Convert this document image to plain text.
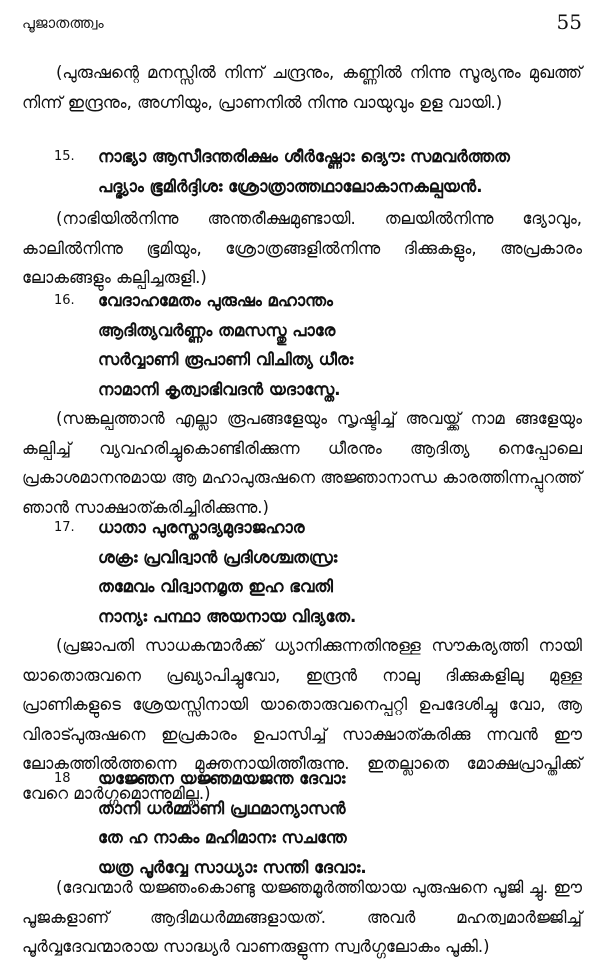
പൂജാതത്ത്വം	55

(പുരുഷന്റെ മനസ്സിൽ നിന്ന് ചന്ദ്രനും, കണ്ണിൽ നിന്നു സൂര്യനും മുഖത്ത് നിന്ന് ഇന്ദ്രനും, അഗ്നിയും, പ്രാണനിൽ നിന്നു വായുവും ഉള വായി.)

15. നാഭ്യാ ആസീദന്തരിക്ഷം ശീർഷ്ണോഃ ദ്യൌഃ സമവർത്തത
പദ്ഭ്യാം ഭൂമിർദ്ദിശഃ ശ്രോത്രാത്തഥാലോകാനകല്പയൻ.

(നാഭിയിൽനിന്നു അന്തരീക്ഷമുണ്ടായി. തലയിൽനിന്നു ദ്യോവും, കാലിൽനിന്നു ഭൂമിയും, ശ്രോത്രങ്ങളിൽനിന്നു ദിക്കുകളും, അപ്രകാരം ലോകങ്ങളും കല്പിച്ചരുളി.)

16. വേദാഹമേതം പുരുഷം മഹാന്തം
ആദിത്യവർണ്ണം തമസസ്തു പാരേ
സർവ്വാണി രൂപാണി വിചിത്യ ധീരഃ
നാമാനി കൃത്വാഭിവദൻ യദാസ്തേ.

(സങ്കല്പത്താൻ എല്ലാ രൂപങ്ങളേയും സൃഷ്ടിച്ച് അവയ്ക്ക് നാമ ങ്ങളേയും കല്പിച്ച് വ്യവഹരിച്ചുകൊണ്ടിരിക്കുന്ന ധീരനും ആദിത്യ നെപ്പോലെ പ്രകാശമാനനുമായ ആ മഹാപുരുഷനെ അജ്ഞാനാന്ധ കാരത്തിന്നപ്പുറത്ത് ഞാൻ സാക്ഷാത്കരിച്ചിരിക്കുന്നു.)

17. ധാതാ പുരസ്താദ്യമുദാജഹാര
ശക്രഃ പ്രവിദ്വാൻ പ്രദിശശ്ചതസ്രഃ
തമേവം വിദ്വാനമൃത ഇഹ ഭവതി
നാന്യഃ പന്ഥാ അയനായ വിദ്യതേ.

(പ്രജാപതി സാധകന്മാർക്ക് ധ്യാനിക്കുന്നതിനുള്ള സൗകര്യത്തി നായി യാതൊരുവനെ പ്രഖ്യാപിച്ചുവോ, ഇന്ദ്രൻ നാലു ദിക്കുകളിലു മുള്ള പ്രാണികളുടെ ശ്രേയസ്സിനായി യാതൊരുവനെപ്പറ്റി ഉപദേശിച്ചു വോ, ആ വിരാട്പുരുഷനെ ഇപ്രകാരം ഉപാസിച്ച് സാക്ഷാത്കരിക്കു ന്നവൻ ഈ ലോകത്തിൽത്തന്നെ മുക്തനായിത്തീരുന്നു. ഇതല്ലാതെ മോക്ഷപ്രാപ്തിക്ക് വേറെ മാർഗ്ഗമൊന്നുമില്ല.)

18 യജ്ഞേന യജ്ഞമയജന്ത ദേവാഃ
താനി ധർമ്മാണി പ്രഥമാന്യാസൻ
തേ ഹ നാകം മഹിമാനഃ സചന്തേ
യത്ര പൂർവ്വേ സാധ്യാഃ സന്തി ദേവാഃ.

(ദേവന്മാർ യജ്ഞംകൊണ്ടു യജ്ഞമൂർത്തിയായ പുരുഷനെ പൂജി ച്ചു. ഈ പൂജകളാണ് ആദിമധർമ്മങ്ങളായത്. അവർ മഹത്വമാർജ്ജിച്ച് പൂർവ്വദേവന്മാരായ സാദ്ധ്യർ വാണരുളുന്ന സ്വർഗ്ഗലോകം പൂകി.)
